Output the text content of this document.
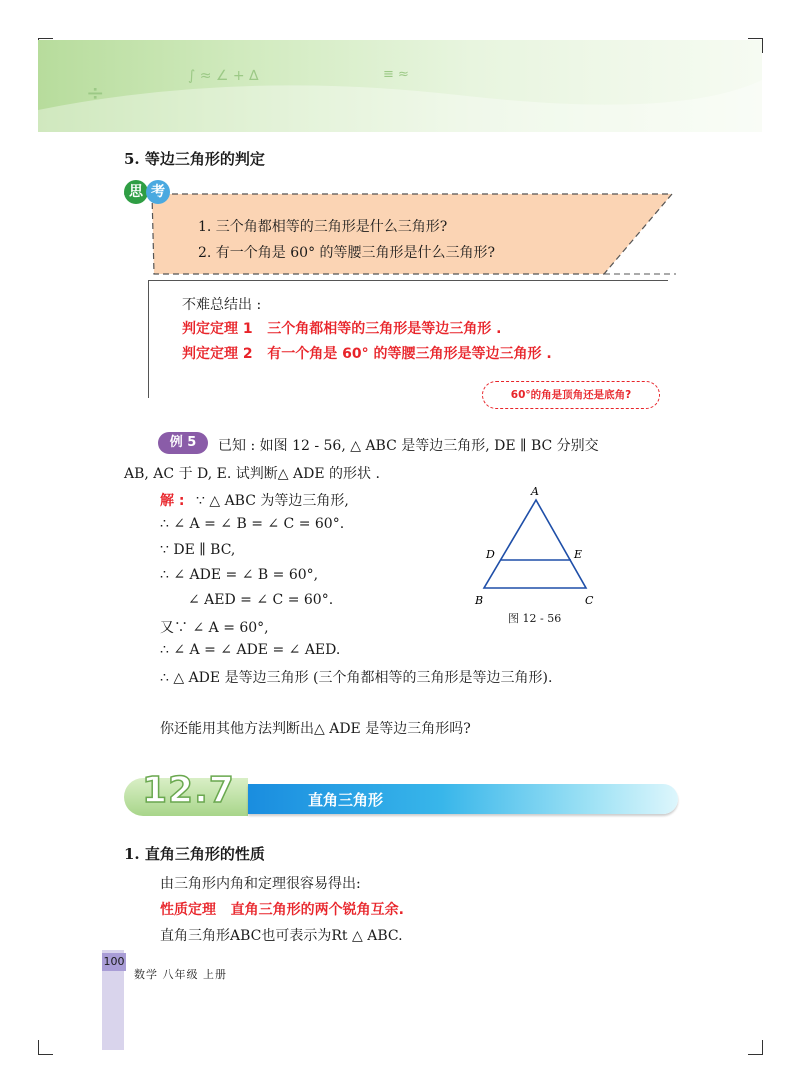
÷
∫ ≈ ∠ + ∆	≡ ≈
5. 等边三角形的判定
思 考
1. 三个角都相等的三角形是什么三角形?
2. 有一个角是 60° 的等腰三角形是什么三角形?
不难总结出 :
判定定理 1 三个角都相等的三角形是等边三角形 .
判定定理 2 有一个角是 60° 的等腰三角形是等边三角形 .
60°的角是顶角还是底角?
例 5	已知 : 如图 12 - 56, △ ABC 是等边三角形, DE ∥ BC 分别交
AB, AC 于 D, E. 试判断△ ADE 的形状 .
解 : ∵ △ ABC 为等边三角形,
∴ ∠ A = ∠ B = ∠ C = 60°.
∵ DE ∥ BC,
∴ ∠ ADE = ∠ B = 60°,
∠ AED = ∠ C = 60°.
又∵ ∠ A = 60°,
∴ ∠ A = ∠ ADE = ∠ AED.
∴ △ ADE 是等边三角形 (三个角都相等的三角形是等边三角形).
你还能用其他方法判断出△ ADE 是等边三角形吗?
A
B	C
D	E
图 12 - 56
12.7	直角三角形
1. 直角三角形的性质
由三角形内角和定理很容易得出:
性质定理 直角三角形的两个锐角互余.
直角三角形ABC也可表示为Rt △ ABC.
100
数学 八年级 上册
